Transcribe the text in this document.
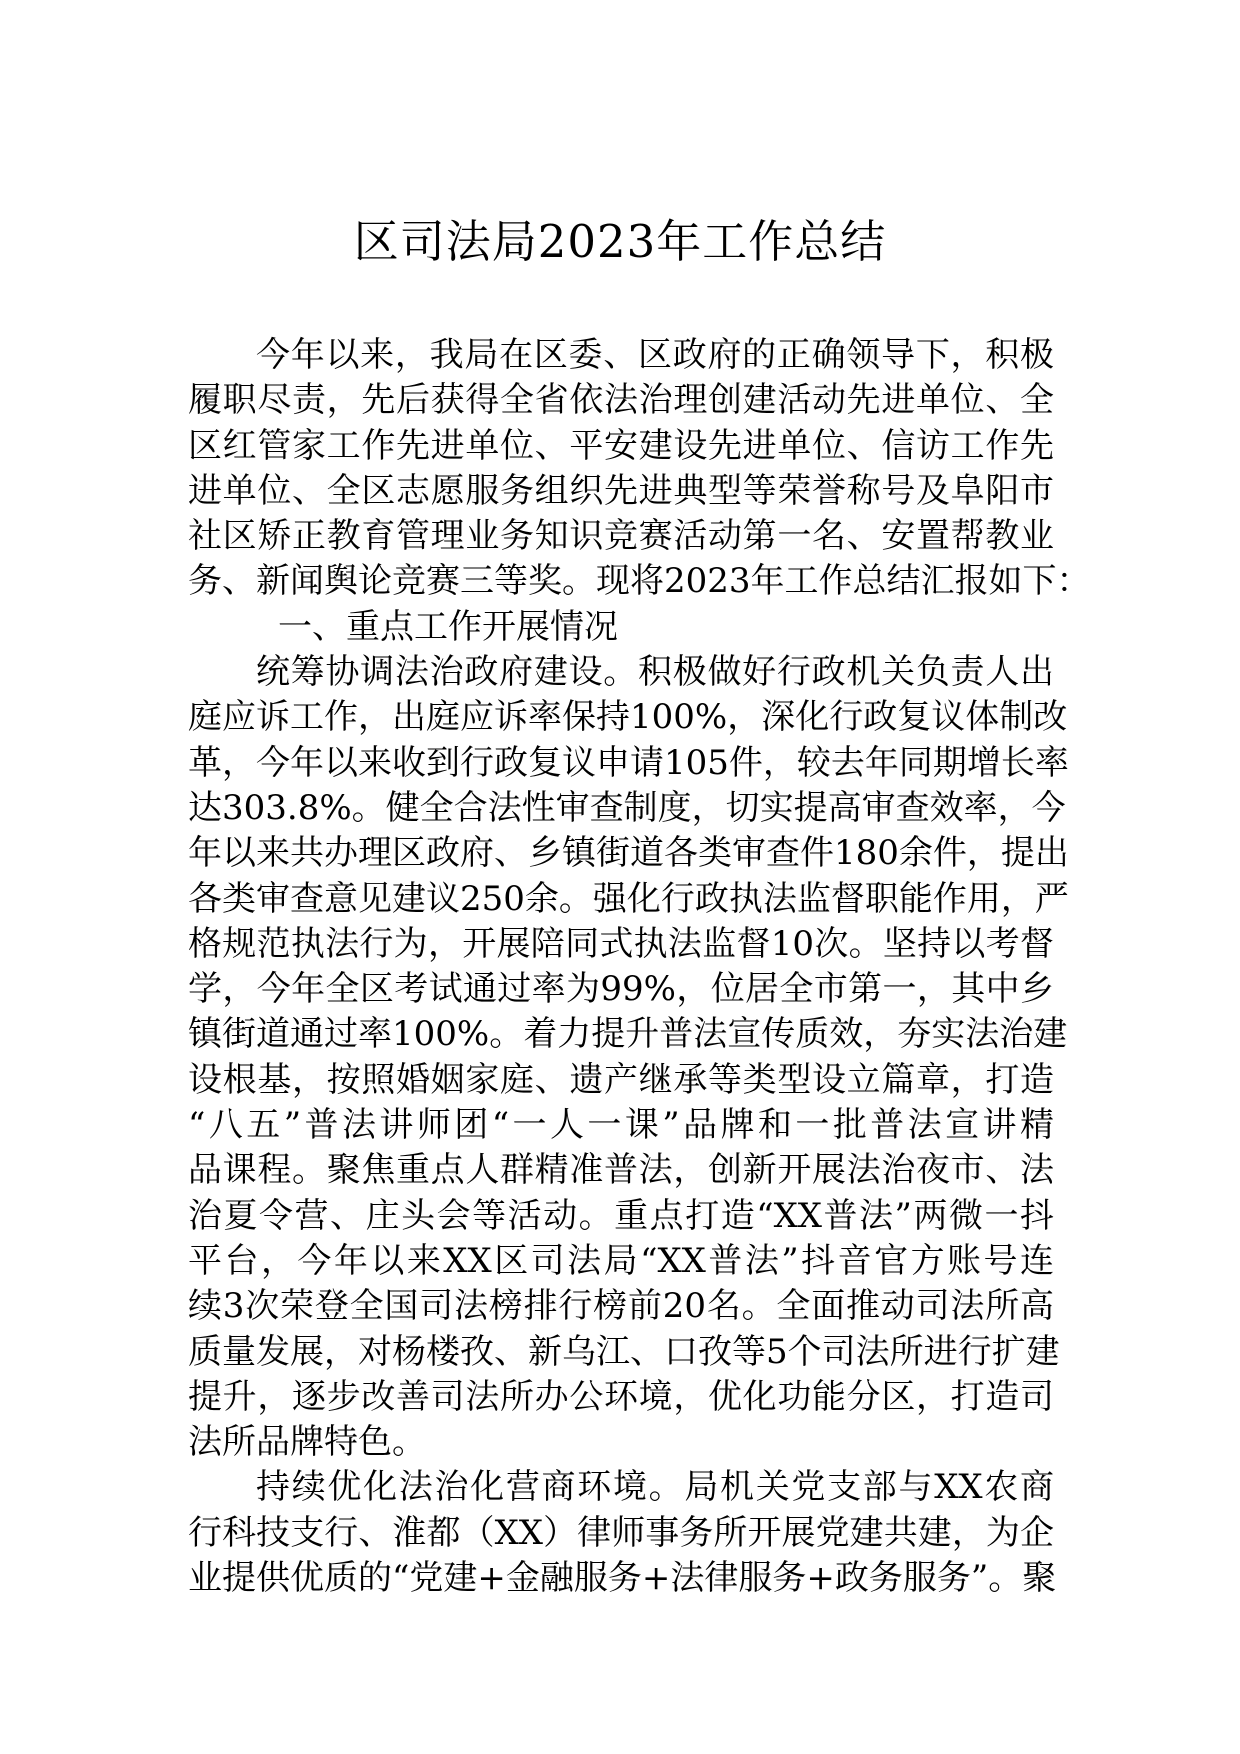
区司法局2023年工作总结
今年以来，我局在区委、区政府的正确领导下，积极
履职尽责，先后获得全省依法治理创建活动先进单位、全
区红管家工作先进单位、平安建设先进单位、信访工作先
进单位、全区志愿服务组织先进典型等荣誉称号及阜阳市
社区矫正教育管理业务知识竞赛活动第一名、安置帮教业
务、新闻舆论竞赛三等奖。现将2023年工作总结汇报如下：
一、重点工作开展情况
统筹协调法治政府建设。积极做好行政机关负责人出
庭应诉工作，出庭应诉率保持100%，深化行政复议体制改
革，今年以来收到行政复议申请105件，较去年同期增长率
达303.8%。健全合法性审查制度，切实提高审查效率，今
年以来共办理区政府、乡镇街道各类审查件180余件，提出
各类审查意见建议250余。强化行政执法监督职能作用，严
格规范执法行为，开展陪同式执法监督10次。坚持以考督
学，今年全区考试通过率为99%，位居全市第一，其中乡
镇街道通过率100%。着力提升普法宣传质效，夯实法治建
设根基，按照婚姻家庭、遗产继承等类型设立篇章，打造
“八五”普法讲师团“一人一课”品牌和一批普法宣讲精
品课程。聚焦重点人群精准普法，创新开展法治夜市、法
治夏令营、庄头会等活动。重点打造“XX普法”两微一抖
平台，今年以来XX区司法局“XX普法”抖音官方账号连
续3次荣登全国司法榜排行榜前20名。全面推动司法所高
质量发展，对杨楼孜、新乌江、口孜等5个司法所进行扩建
提升，逐步改善司法所办公环境，优化功能分区，打造司
法所品牌特色。
持续优化法治化营商环境。局机关党支部与XX农商
行科技支行、淮都（XX）律师事务所开展党建共建，为企
业提供优质的“党建+金融服务+法律服务+政务服务”。聚
